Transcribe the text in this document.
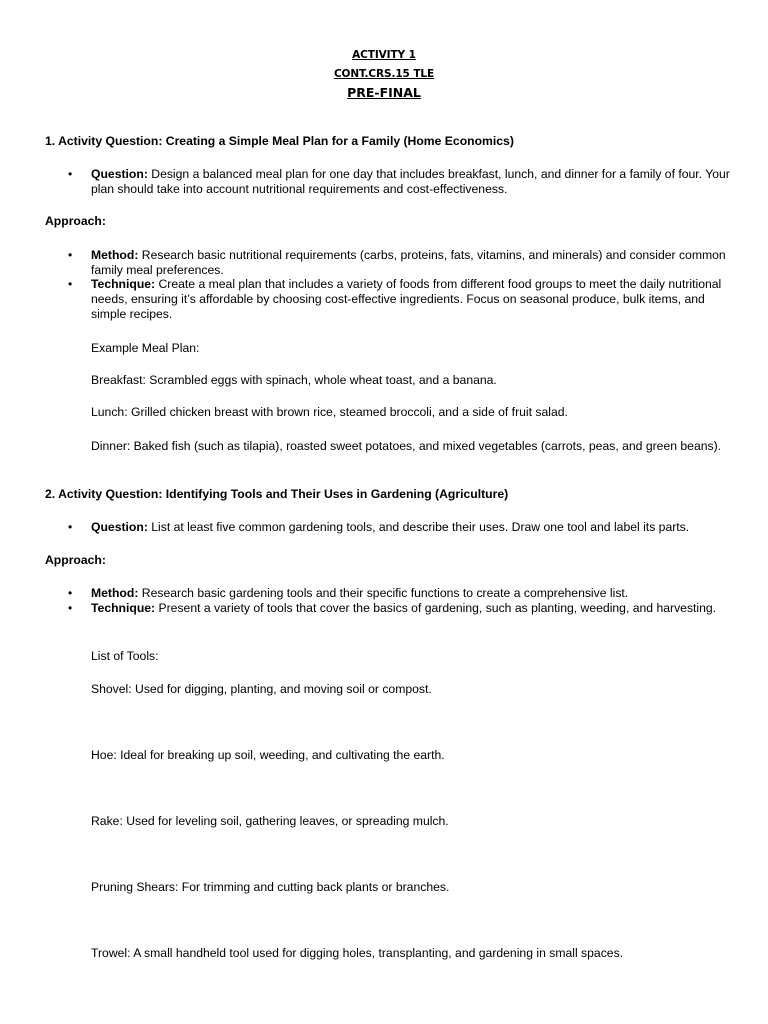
ACTIVITY 1
CONT.CRS.15 TLE
PRE-FINAL
1. Activity Question: Creating a Simple Meal Plan for a Family (Home Economics)
• Question: Design a balanced meal plan for one day that includes breakfast, lunch, and dinner for a family of four. Your plan should take into account nutritional requirements and cost-effectiveness.
Approach:
• Method: Research basic nutritional requirements (carbs, proteins, fats, vitamins, and minerals) and consider common family meal preferences.
• Technique: Create a meal plan that includes a variety of foods from different food groups to meet the daily nutritional needs, ensuring it’s affordable by choosing cost-effective ingredients. Focus on seasonal produce, bulk items, and simple recipes.
Example Meal Plan:
Breakfast: Scrambled eggs with spinach, whole wheat toast, and a banana.
Lunch: Grilled chicken breast with brown rice, steamed broccoli, and a side of fruit salad.
Dinner: Baked fish (such as tilapia), roasted sweet potatoes, and mixed vegetables (carrots, peas, and green beans).
2. Activity Question: Identifying Tools and Their Uses in Gardening (Agriculture)
• Question: List at least five common gardening tools, and describe their uses. Draw one tool and label its parts.
Approach:
• Method: Research basic gardening tools and their specific functions to create a comprehensive list.
• Technique: Present a variety of tools that cover the basics of gardening, such as planting, weeding, and harvesting.
List of Tools:
Shovel: Used for digging, planting, and moving soil or compost.
Hoe: Ideal for breaking up soil, weeding, and cultivating the earth.
Rake: Used for leveling soil, gathering leaves, or spreading mulch.
Pruning Shears: For trimming and cutting back plants or branches.
Trowel: A small handheld tool used for digging holes, transplanting, and gardening in small spaces.
